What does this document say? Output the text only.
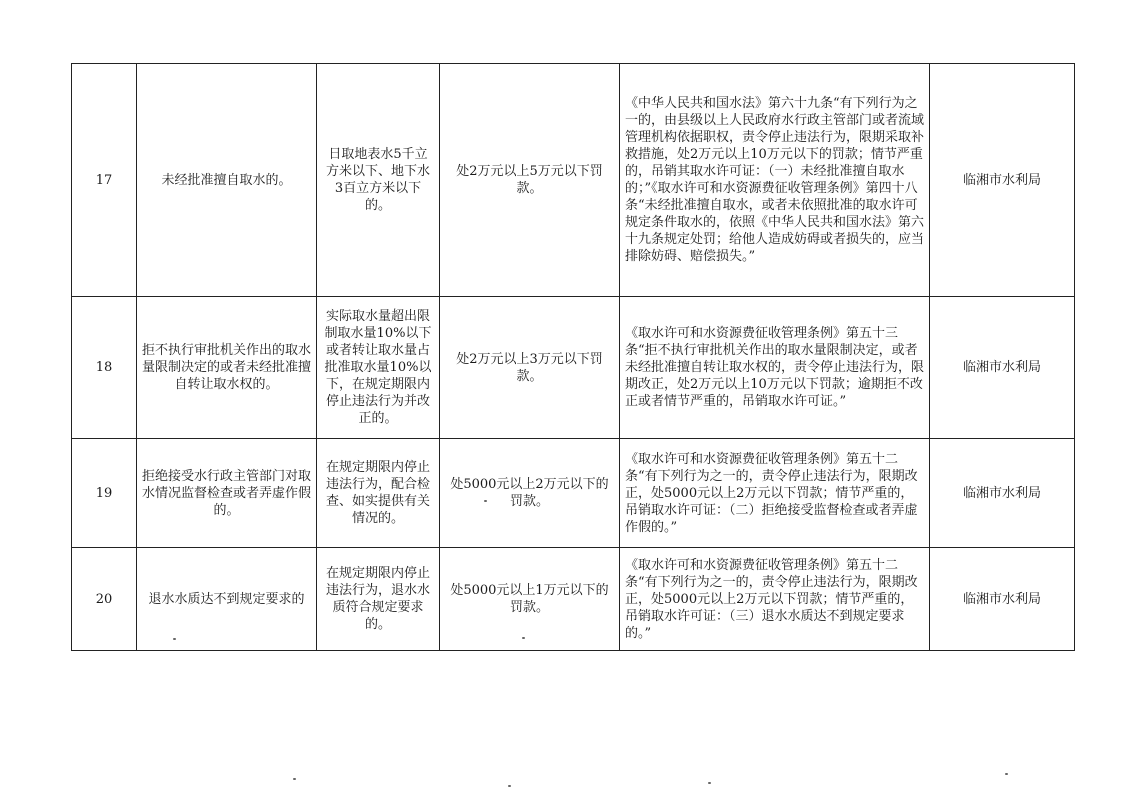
17	未经批准擅自取水的。	日取地表水5千立方米以下、地下水3百立方米以下的。	处2万元以上5万元以下罚款。	《中华人民共和国水法》第六十九条“有下列行为之一的，由县级以上人民政府水行政主管部门或者流域管理机构依据职权，责令停止违法行为，限期采取补救措施，处2万元以上10万元以下的罚款；情节严重的，吊销其取水许可证：（一）未经批准擅自取水的；”《取水许可和水资源费征收管理条例》第四十八条“未经批准擅自取水，或者未依照批准的取水许可规定条件取水的，依照《中华人民共和国水法》第六十九条规定处罚；给他人造成妨碍或者损失的，应当排除妨碍、赔偿损失。”	临湘市水利局
18	拒不执行审批机关作出的取水量限制决定的或者未经批准擅自转让取水权的。	实际取水量超出限制取水量10%以下或者转让取水量占批准取水量10%以下，在规定期限内停止违法行为并改正的。	处2万元以上3万元以下罚款。	《取水许可和水资源费征收管理条例》第五十三条“拒不执行审批机关作出的取水量限制决定，或者未经批准擅自转让取水权的，责令停止违法行为，限期改正，处2万元以上10万元以下罚款；逾期拒不改正或者情节严重的，吊销取水许可证。”	临湘市水利局
19	拒绝接受水行政主管部门对取水情况监督检查或者弄虚作假的。	在规定期限内停止违法行为，配合检查、如实提供有关情况的。	处5000元以上2万元以下的罚款。	《取水许可和水资源费征收管理条例》第五十二条“有下列行为之一的，责令停止违法行为，限期改正，处5000元以上2万元以下罚款；情节严重的，吊销取水许可证：（二）拒绝接受监督检查或者弄虚作假的。”	临湘市水利局
20	退水水质达不到规定要求的	在规定期限内停止违法行为，退水水质符合规定要求的。	处5000元以上1万元以下的罚款。	《取水许可和水资源费征收管理条例》第五十二条“有下列行为之一的，责令停止违法行为，限期改正，处5000元以上2万元以下罚款；情节严重的，吊销取水许可证：（三）退水水质达不到规定要求的。”	临湘市水利局
